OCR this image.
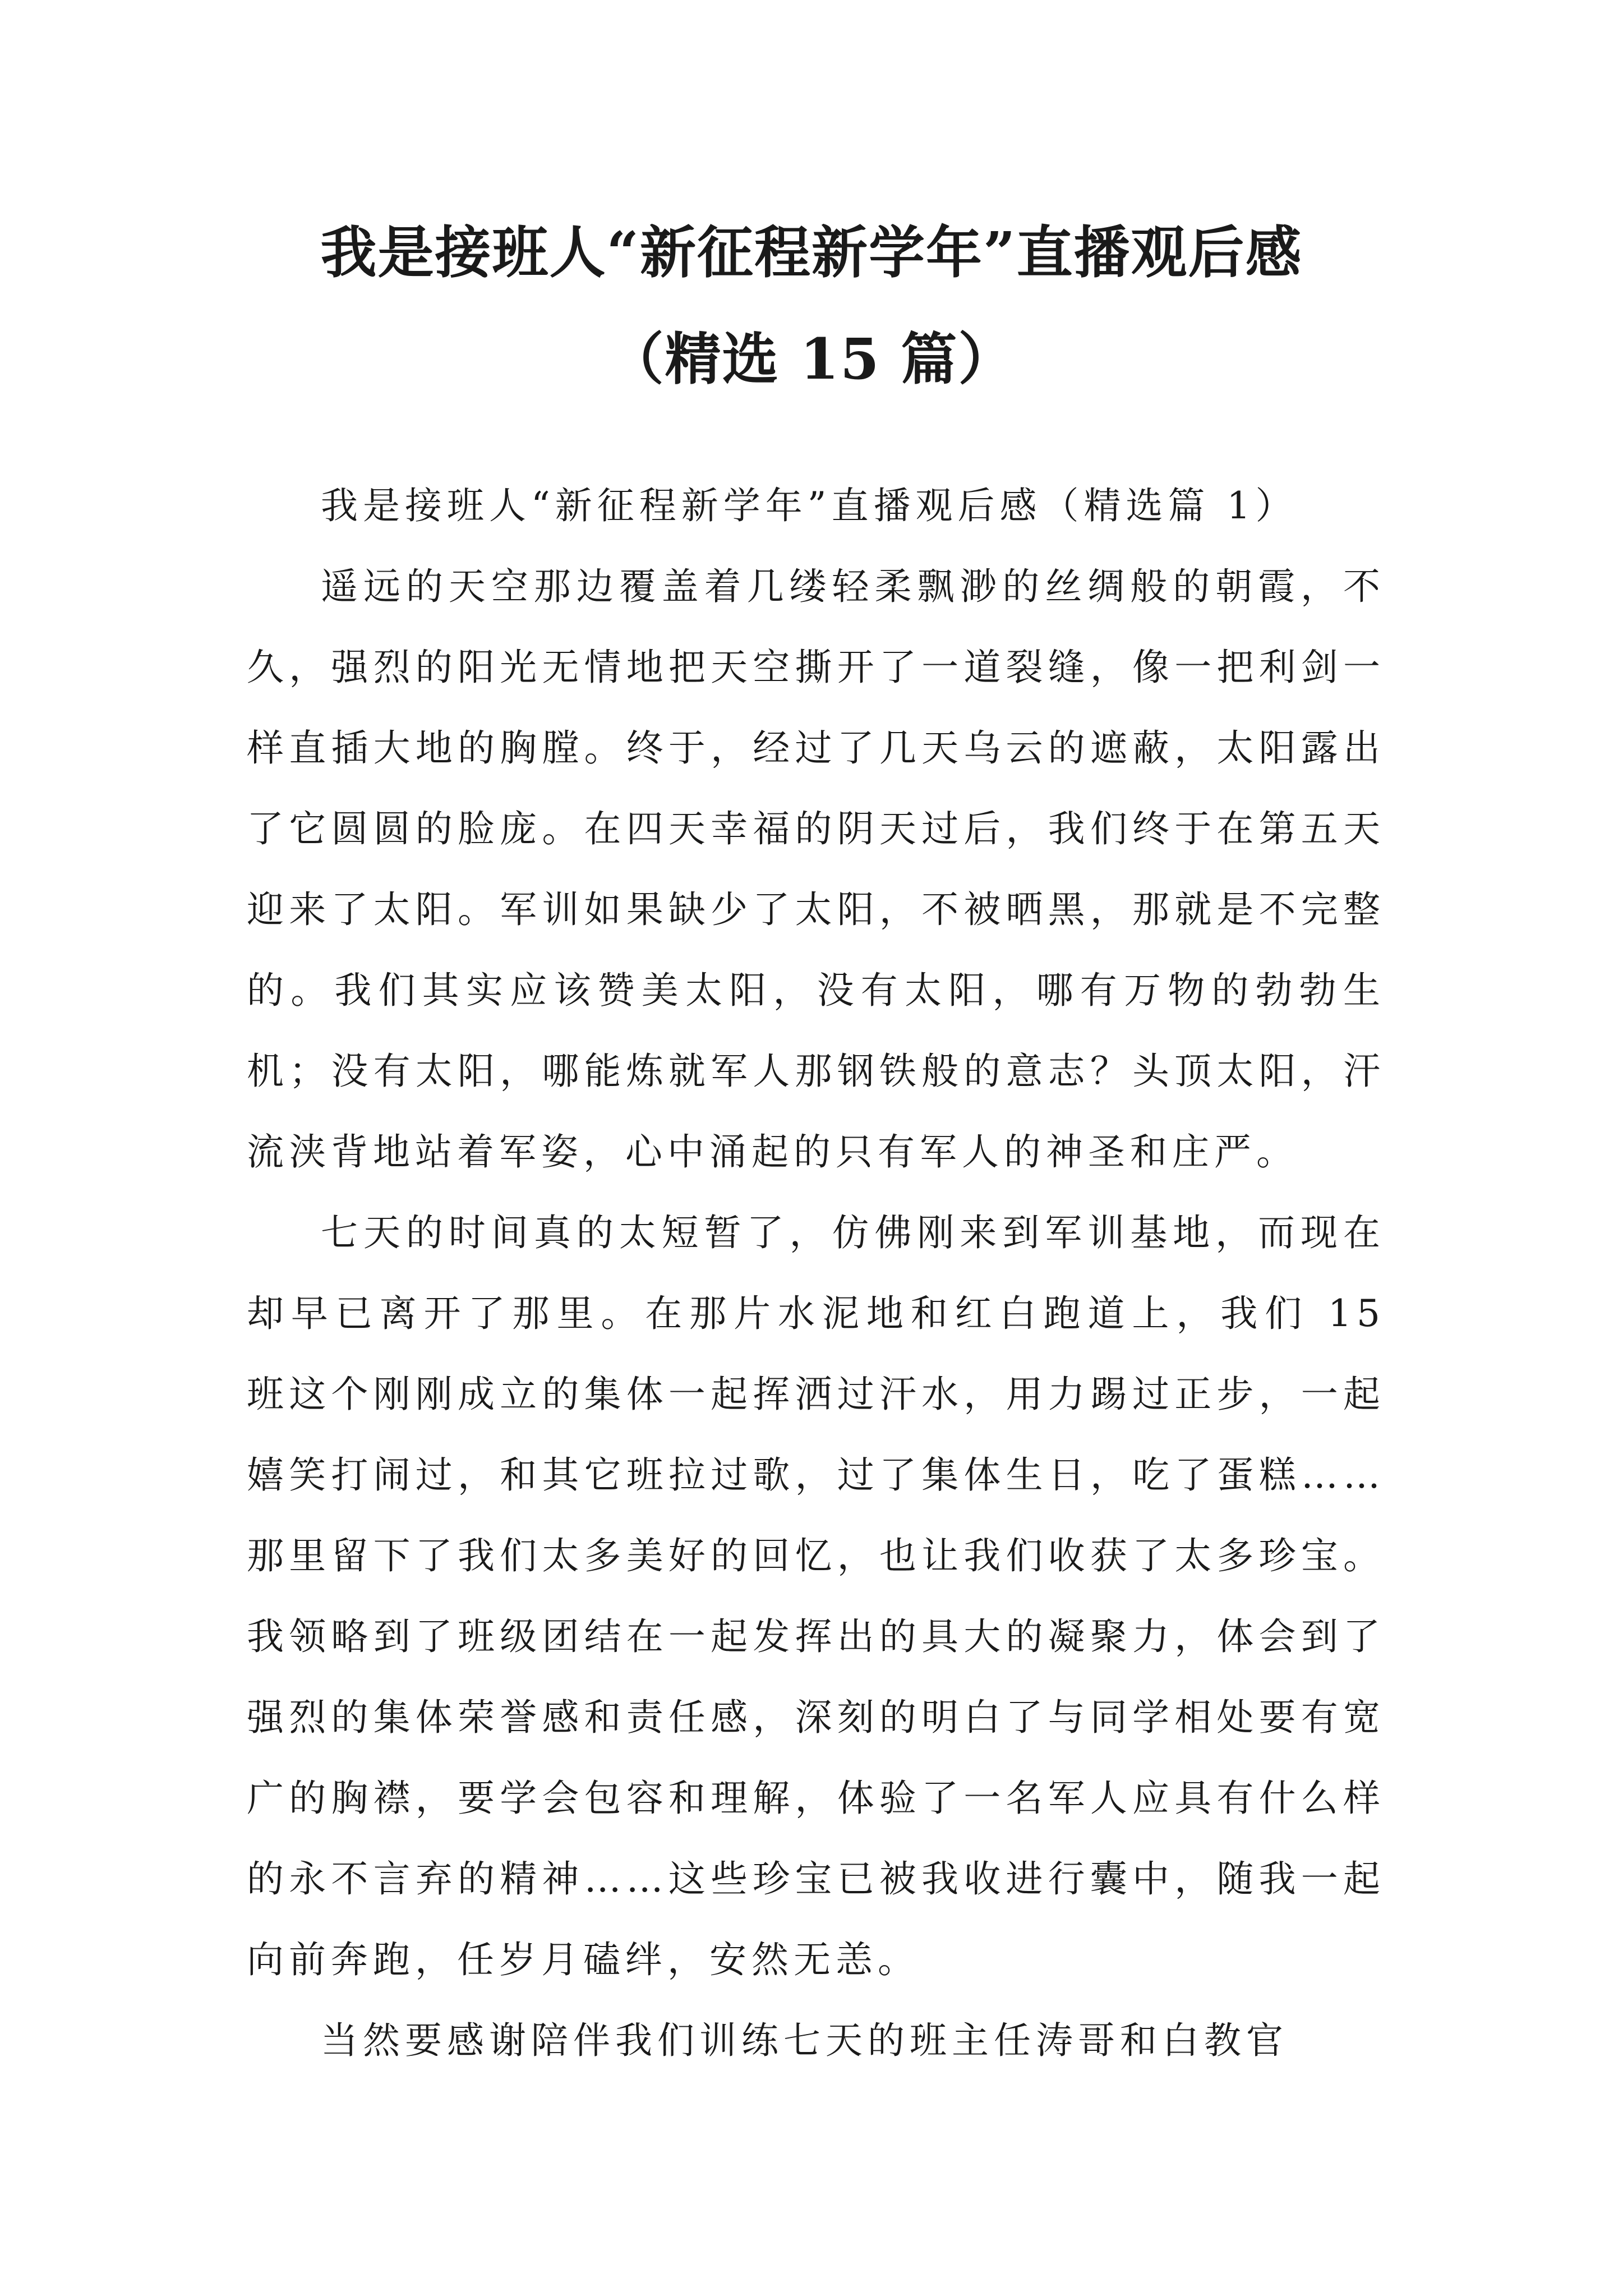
我是接班人“新征程新学年”直播观后感
（精选 15 篇）

我是接班人“新征程新学年”直播观后感（精选篇 1）

遥远的天空那边覆盖着几缕轻柔飘渺的丝绸般的朝霞，不久，强烈的阳光无情地把天空撕开了一道裂缝，像一把利剑一样直插大地的胸膛。终于，经过了几天乌云的遮蔽，太阳露出了它圆圆的脸庞。在四天幸福的阴天过后，我们终于在第五天迎来了太阳。军训如果缺少了太阳，不被晒黑，那就是不完整的。我们其实应该赞美太阳，没有太阳，哪有万物的勃勃生机；没有太阳，哪能炼就军人那钢铁般的意志？头顶太阳，汗流浃背地站着军姿，心中涌起的只有军人的神圣和庄严。

七天的时间真的太短暂了，仿佛刚来到军训基地，而现在却早已离开了那里。在那片水泥地和红白跑道上，我们 15 班这个刚刚成立的集体一起挥洒过汗水，用力踢过正步，一起嬉笑打闹过，和其它班拉过歌，过了集体生日，吃了蛋糕……那里留下了我们太多美好的回忆，也让我们收获了太多珍宝。我领略到了班级团结在一起发挥出的具大的凝聚力，体会到了强烈的集体荣誉感和责任感，深刻的明白了与同学相处要有宽广的胸襟，要学会包容和理解，体验了一名军人应具有什么样的永不言弃的精神……这些珍宝已被我收进行囊中，随我一起向前奔跑，任岁月磕绊，安然无恙。

当然要感谢陪伴我们训练七天的班主任涛哥和白教官
